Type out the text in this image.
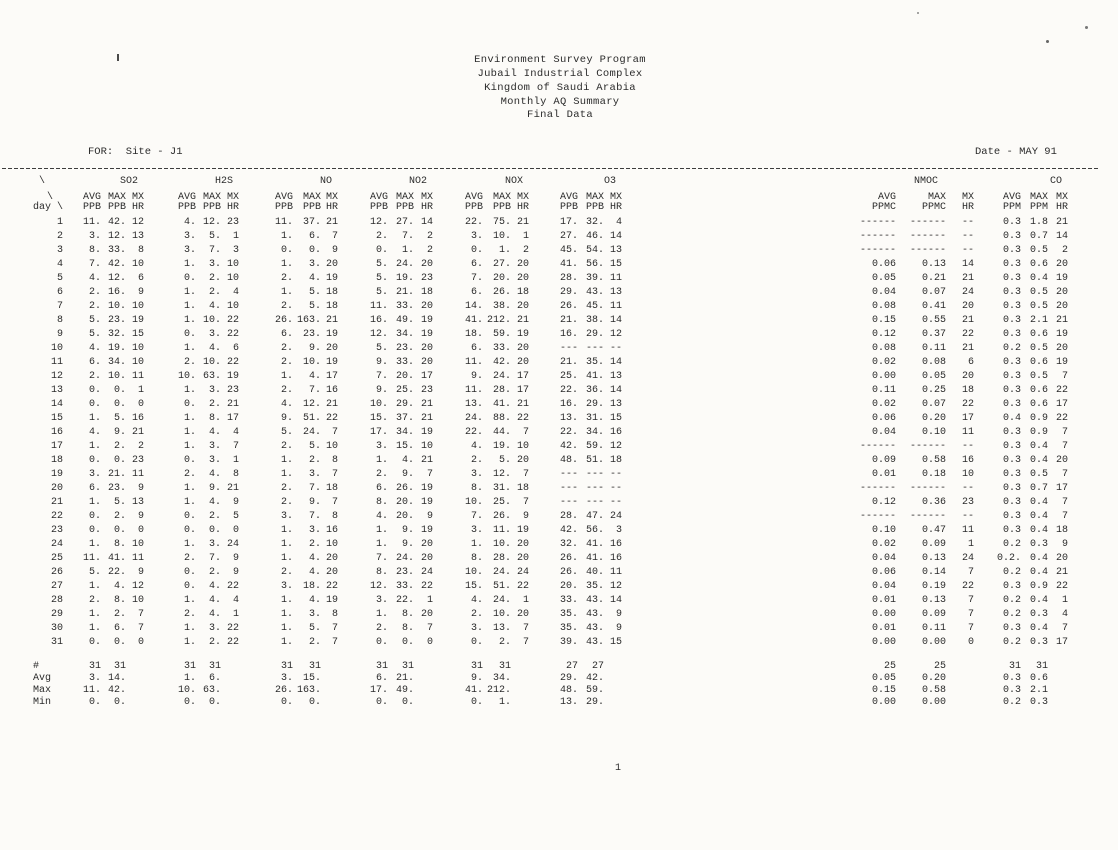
Environment Survey Program
Jubail Industrial Complex
Kingdom of Saudi Arabia
Monthly AQ Summary
Final Data
FOR:  Site - J1	Date - MAY 91
\	SO2			H2S			NO			NO2			NOX			O3			NMOC			CO		
\	AVG	MAX	MX	AVG	MAX	MX	AVG	MAX	MX	AVG	MAX	MX	AVG	MAX	MX	AVG	MAX	MX	AVG	MAX	MX	AVG	MAX	MX
day \	PPB	PPB	HR	PPB	PPB	HR	PPB	PPB	HR	PPB	PPB	HR	PPB	PPB	HR	PPB	PPB	HR	PPMC	PPMC	HR	PPM	PPM	HR
1	11.	42.	12	4.	12.	23	11.	37.	21	12.	27.	14	22.	75.	21	17.	32.	4	------	------	--	0.3	1.8	21
2	3.	12.	13	3.	5.	1	1.	6.	7	2.	7.	2	3.	10.	1	27.	46.	14	------	------	--	0.3	0.7	14
3	8.	33.	8	3.	7.	3	0.	0.	9	0.	1.	2	0.	1.	2	45.	54.	13	------	------	--	0.3	0.5	2
4	7.	42.	10	1.	3.	10	1.	3.	20	5.	24.	20	6.	27.	20	41.	56.	15	0.06	0.13	14	0.3	0.6	20
5	4.	12.	6	0.	2.	10	2.	4.	19	5.	19.	23	7.	20.	20	28.	39.	11	0.05	0.21	21	0.3	0.4	19
6	2.	16.	9	1.	2.	4	1.	5.	18	5.	21.	18	6.	26.	18	29.	43.	13	0.04	0.07	24	0.3	0.5	20
7	2.	10.	10	1.	4.	10	2.	5.	18	11.	33.	20	14.	38.	20	26.	45.	11	0.08	0.41	20	0.3	0.5	20
8	5.	23.	19	1.	10.	22	26.	163.	21	16.	49.	19	41.	212.	21	21.	38.	14	0.15	0.55	21	0.3	2.1	21
9	5.	32.	15	0.	3.	22	6.	23.	19	12.	34.	19	18.	59.	19	16.	29.	12	0.12	0.37	22	0.3	0.6	19
10	4.	19.	10	1.	4.	6	2.	9.	20	5.	23.	20	6.	33.	20	---	---	--	0.08	0.11	21	0.2	0.5	20
11	6.	34.	10	2.	10.	22	2.	10.	19	9.	33.	20	11.	42.	20	21.	35.	14	0.02	0.08	6	0.3	0.6	19
12	2.	10.	11	10.	63.	19	1.	4.	17	7.	20.	17	9.	24.	17	25.	41.	13	0.00	0.05	20	0.3	0.5	7
13	0.	0.	1	1.	3.	23	2.	7.	16	9.	25.	23	11.	28.	17	22.	36.	14	0.11	0.25	18	0.3	0.6	22
14	0.	0.	0	0.	2.	21	4.	12.	21	10.	29.	21	13.	41.	21	16.	29.	13	0.02	0.07	22	0.3	0.6	17
15	1.	5.	16	1.	8.	17	9.	51.	22	15.	37.	21	24.	88.	22	13.	31.	15	0.06	0.20	17	0.4	0.9	22
16	4.	9.	21	1.	4.	4	5.	24.	7	17.	34.	19	22.	44.	7	22.	34.	16	0.04	0.10	11	0.3	0.9	7
17	1.	2.	2	1.	3.	7	2.	5.	10	3.	15.	10	4.	19.	10	42.	59.	12	------	------	--	0.3	0.4	7
18	0.	0.	23	0.	3.	1	1.	2.	8	1.	4.	21	2.	5.	20	48.	51.	18	0.09	0.58	16	0.3	0.4	20
19	3.	21.	11	2.	4.	8	1.	3.	7	2.	9.	7	3.	12.	7	---	---	--	0.01	0.18	10	0.3	0.5	7
20	6.	23.	9	1.	9.	21	2.	7.	18	6.	26.	19	8.	31.	18	---	---	--	------	------	--	0.3	0.7	17
21	1.	5.	13	1.	4.	9	2.	9.	7	8.	20.	19	10.	25.	7	---	---	--	0.12	0.36	23	0.3	0.4	7
22	0.	2.	9	0.	2.	5	3.	7.	8	4.	20.	9	7.	26.	9	28.	47.	24	------	------	--	0.3	0.4	7
23	0.	0.	0	0.	0.	0	1.	3.	16	1.	9.	19	3.	11.	19	42.	56.	3	0.10	0.47	11	0.3	0.4	18
24	1.	8.	10	1.	3.	24	1.	2.	10	1.	9.	20	1.	10.	20	32.	41.	16	0.02	0.09	1	0.2	0.3	9
25	11.	41.	11	2.	7.	9	1.	4.	20	7.	24.	20	8.	28.	20	26.	41.	16	0.04	0.13	24	0.2.	0.4	20
26	5.	22.	9	0.	2.	9	2.	4.	20	8.	23.	24	10.	24.	24	26.	40.	11	0.06	0.14	7	0.2	0.4	21
27	1.	4.	12	0.	4.	22	3.	18.	22	12.	33.	22	15.	51.	22	20.	35.	12	0.04	0.19	22	0.3	0.9	22
28	2.	8.	10	1.	4.	4	1.	4.	19	3.	22.	1	4.	24.	1	33.	43.	14	0.01	0.13	7	0.2	0.4	1
29	1.	2.	7	2.	4.	1	1.	3.	8	1.	8.	20	2.	10.	20	35.	43.	9	0.00	0.09	7	0.2	0.3	4
30	1.	6.	7	1.	3.	22	1.	5.	7	2.	8.	7	3.	13.	7	35.	43.	9	0.01	0.11	7	0.3	0.4	7
31	0.	0.	0	1.	2.	22	1.	2.	7	0.	0.	0	0.	2.	7	39.	43.	15	0.00	0.00	0	0.2	0.3	17

#	31	31		31	31		31	31		31	31		31	31		27	27		25	25		31	31	
Avg	3.	14.		1.	6.		3.	15.		6.	21.		9.	34.		29.	42.		0.05	0.20		0.3	0.6	
Max	11.	42.		10.	63.		26.	163.		17.	49.		41.	212.		48.	59.		0.15	0.58		0.3	2.1	
Min	0.	0.		0.	0.		0.	0.		0.	0.		0.	1.		13.	29.		0.00	0.00		0.2	0.3	
1
